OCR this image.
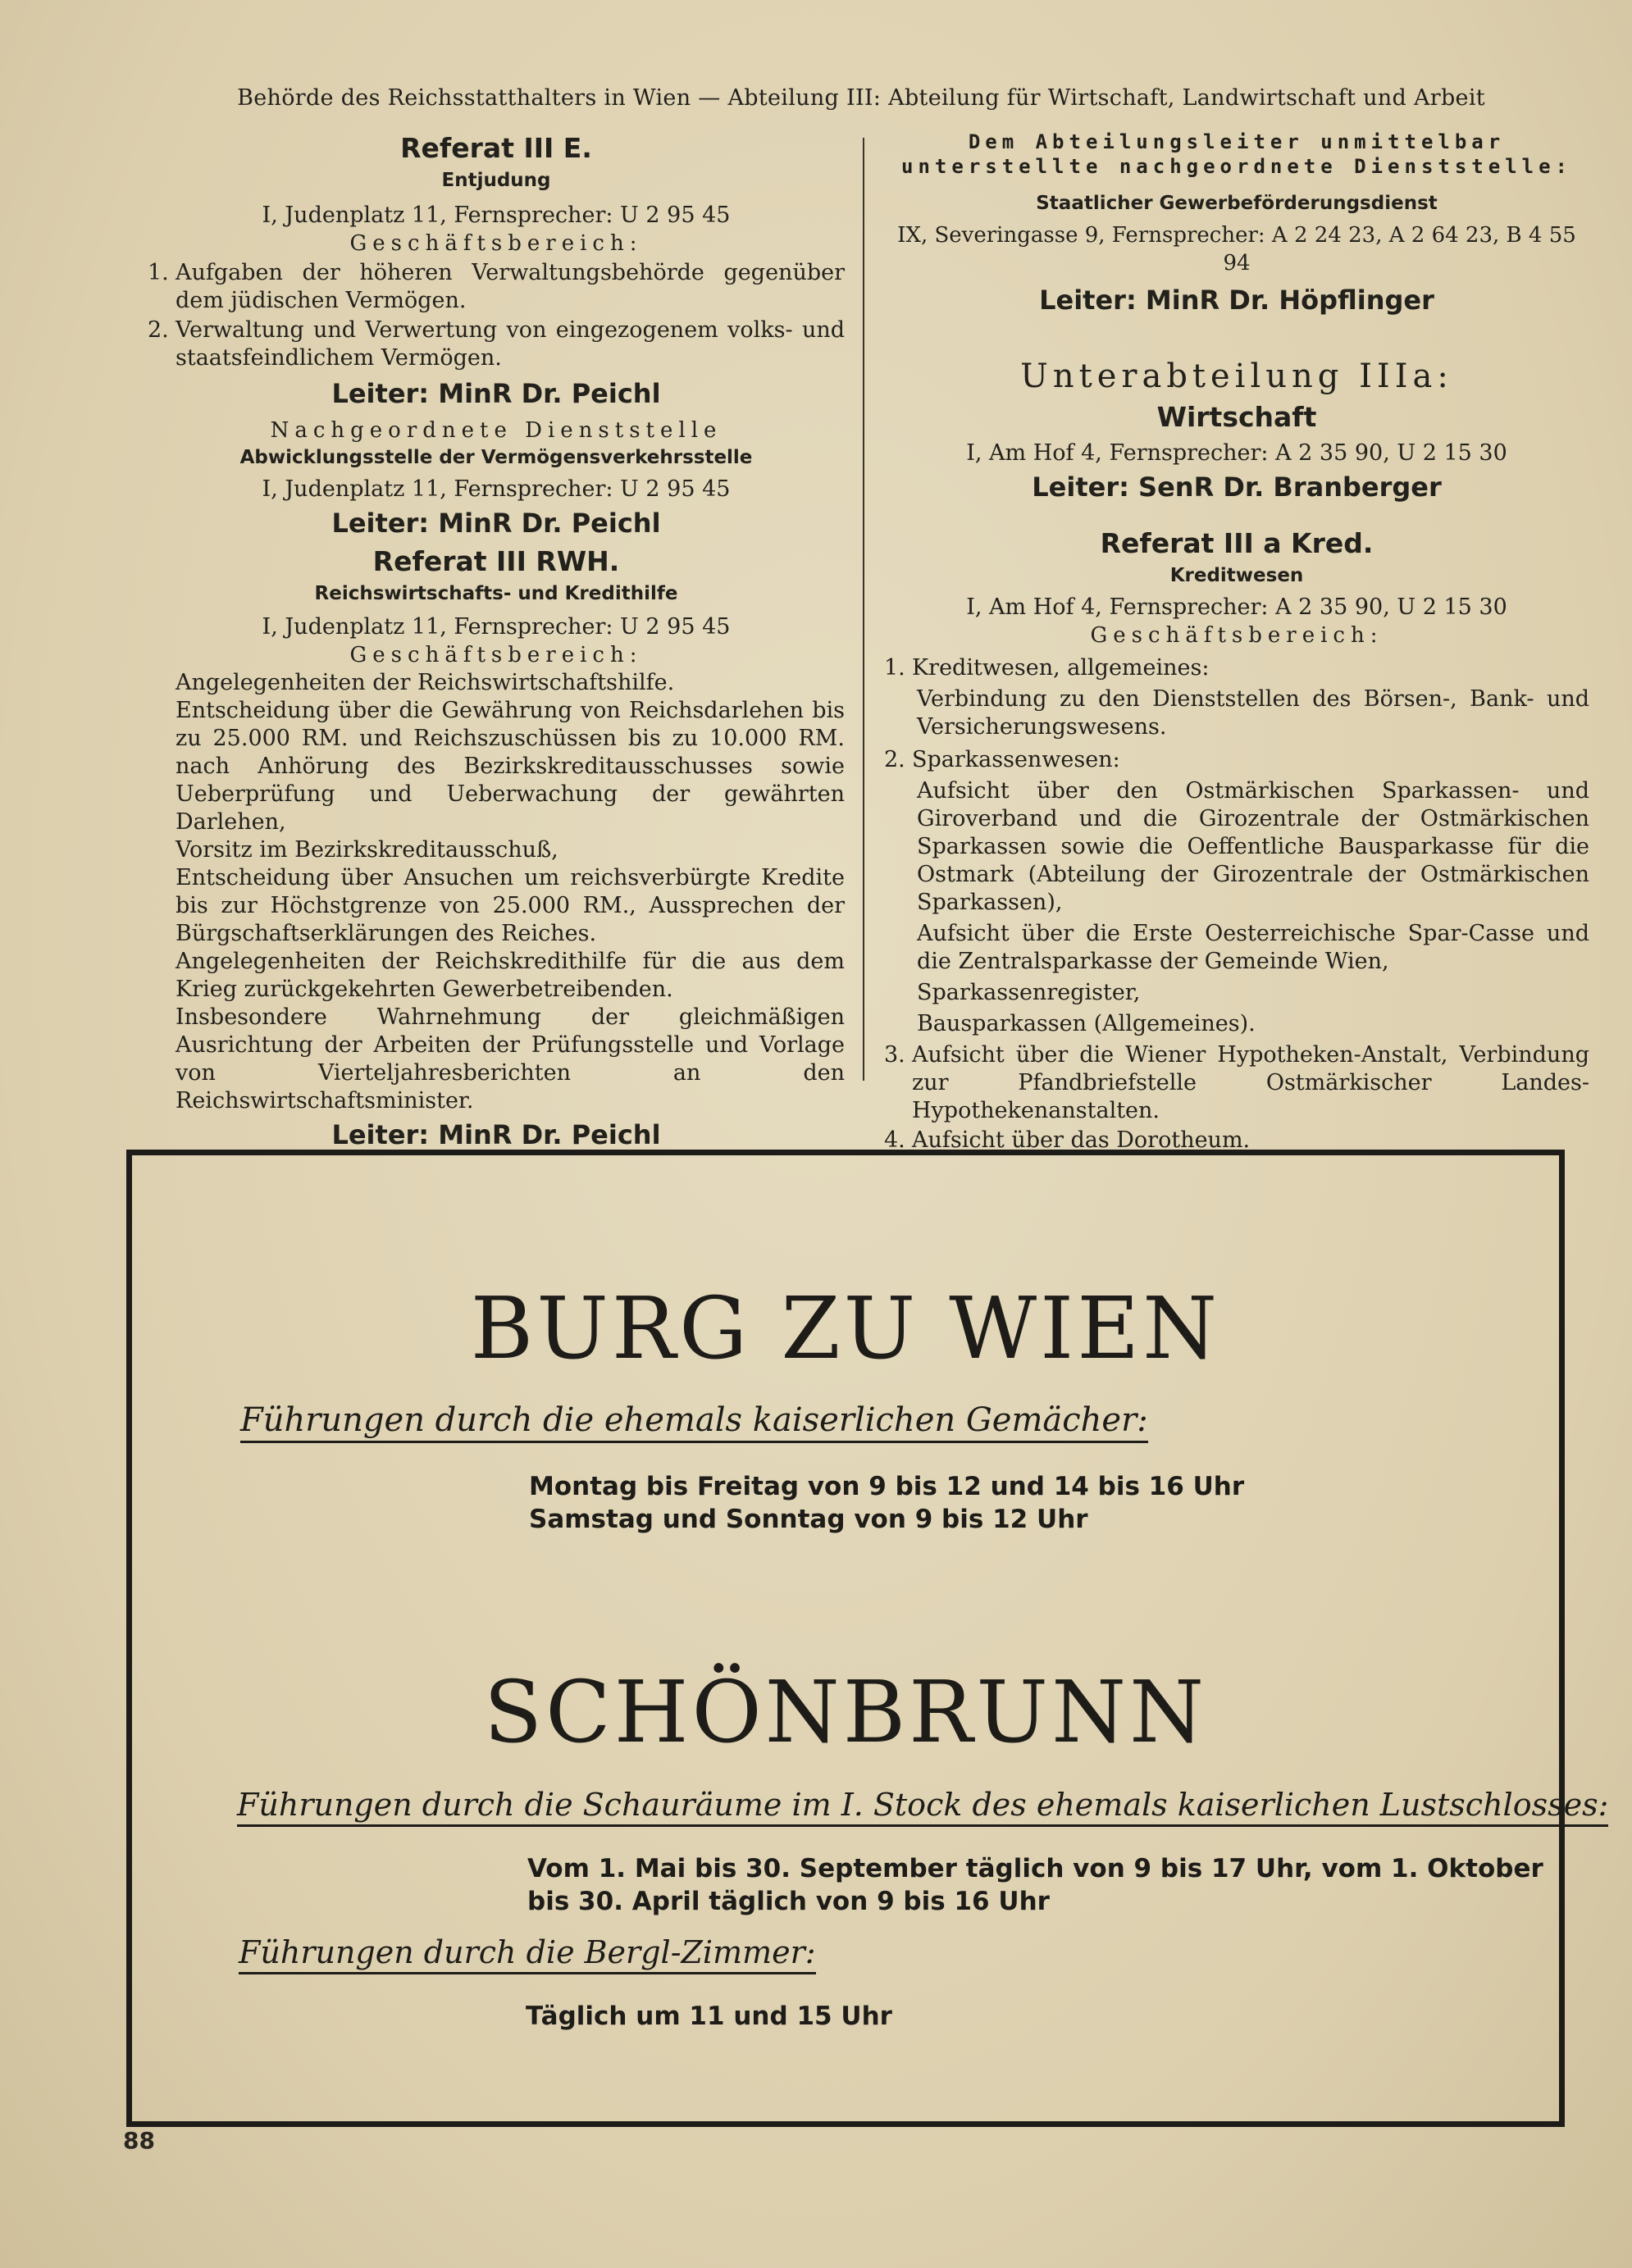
Behörde des Reichsstatthalters in Wien — Abteilung III: Abteilung für Wirtschaft, Landwirtschaft und Arbeit
Referat III E.
Entjudung
I, Judenplatz 11, Fernsprecher: U 2 95 45
Geschäftsbereich:
1. Aufgaben der höheren Verwaltungsbehörde gegenüber dem jüdischen Vermögen.
2. Verwaltung und Verwertung von eingezogenem volks- und staatsfeindlichem Vermögen.
Leiter: MinR Dr. Peichl
Nachgeordnete Dienststelle
Abwicklungsstelle der Vermögensverkehrsstelle
I, Judenplatz 11, Fernsprecher: U 2 95 45
Leiter: MinR Dr. Peichl
Referat III RWH.
Reichswirtschafts- und Kredithilfe
I, Judenplatz 11, Fernsprecher: U 2 95 45
Geschäftsbereich:
Angelegenheiten der Reichswirtschaftshilfe.
Entscheidung über die Gewährung von Reichsdarlehen bis zu 25.000 RM. und Reichszuschüssen bis zu 10.000 RM. nach Anhörung des Bezirkskreditausschusses sowie Ueberprüfung und Ueberwachung der gewährten Darlehen,
Vorsitz im Bezirkskreditausschuß,
Entscheidung über Ansuchen um reichsverbürgte Kredite bis zur Höchstgrenze von 25.000 RM., Aussprechen der Bürgschaftserklärungen des Reiches.
Angelegenheiten der Reichskredithilfe für die aus dem Krieg zurückgekehrten Gewerbetreibenden.
Insbesondere Wahrnehmung der gleichmäßigen Ausrichtung der Arbeiten der Prüfungsstelle und Vorlage von Vierteljahresberichten an den Reichswirtschaftsminister.
Leiter: MinR Dr. Peichl
Dem Abteilungsleiter unmittelbar unterstellte nachgeordnete Dienststelle:
Staatlicher Gewerbeförderungsdienst
IX, Severingasse 9, Fernsprecher: A 2 24 23, A 2 64 23, B 4 55 94
Leiter: MinR Dr. Höpflinger
Unterabteilung IIIa:
Wirtschaft
I, Am Hof 4, Fernsprecher: A 2 35 90, U 2 15 30
Leiter: SenR Dr. Branberger
Referat III a Kred.
Kreditwesen
I, Am Hof 4, Fernsprecher: A 2 35 90, U 2 15 30
Geschäftsbereich:
1. Kreditwesen, allgemeines:
Verbindung zu den Dienststellen des Börsen-, Bank- und Versicherungswesens.
2. Sparkassenwesen:
Aufsicht über den Ostmärkischen Sparkassen- und Giroverband und die Girozentrale der Ostmärkischen Sparkassen sowie die Oeffentliche Bausparkasse für die Ostmark (Abteilung der Girozentrale der Ostmärkischen Sparkassen),
Aufsicht über die Erste Oesterreichische Spar-Casse und die Zentralsparkasse der Gemeinde Wien,
Sparkassenregister,
Bausparkassen (Allgemeines).
3. Aufsicht über die Wiener Hypotheken-Anstalt, Verbindung zur Pfandbriefstelle Ostmärkischer Landes-Hypothekenanstalten.
4. Aufsicht über das Dorotheum.
BURG ZU WIEN
Führungen durch die ehemals kaiserlichen Gemächer:
Montag bis Freitag von 9 bis 12 und 14 bis 16 Uhr
Samstag und Sonntag von 9 bis 12 Uhr
SCHÖNBRUNN
Führungen durch die Schauräume im I. Stock des ehemals kaiserlichen Lustschlosses:
Vom 1. Mai bis 30. September täglich von 9 bis 17 Uhr, vom 1. Oktober
bis 30. April täglich von 9 bis 16 Uhr
Führungen durch die Bergl-Zimmer:
Täglich um 11 und 15 Uhr
88
